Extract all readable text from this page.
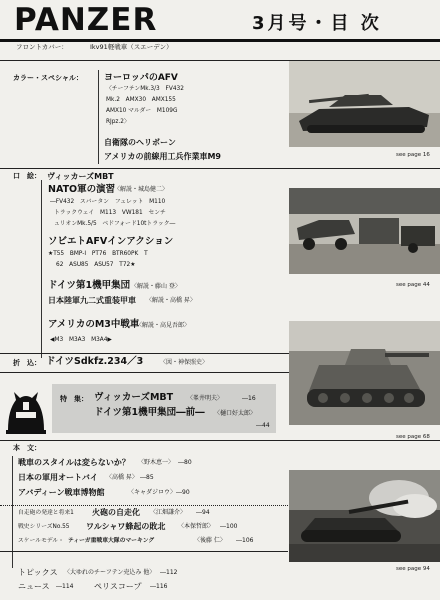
PANZER	3月号・目 次
フロントカバー：	Ikv91軽戦車（スエーデン）
カラー・スペシャル： ヨーロッパのAFV
〈チーフテンMk.3/3　FV432
Mk.2　AMX30　AMX155
AMX10 マルダー　M109G
RJpz.2〉
自衛隊のヘリボーン
アメリカの前線用工兵作業車M9
口　絵： ヴィッカーズMBT
NATO軍の演習
〈解説・城島健二〉
―FV432　スパータン　フェレット　M110
トラックウェイ　M113　VW181　センチ
ュリオンMk.5/5　ベドフォード10tトラック―
ソビエトAFVインアクション
★T55　BMP-I　PT76　BTR60PK　T
62　ASU85　ASU57　T72★
ドイツ第1機甲集団 〈解説・藤山 登〉
日本陸軍九二式重装甲車 〈解説・高橋 昇〉
アメリカのM3中戦車
〈解説・高見吾郎〉
◀M3　M3A3　M3A4▶
折　込： ドイツSdkfz.234／3	〈図・神保照史〉
特　集： ヴィッカーズMBT 〈峯井明夫〉	―16
ドイツ第1機甲集団―前― 〈樋口好太郎〉
―44
本　文：
戦車のスタイルは変らないか？ 〈野木恵一〉 ―80
日本の軍用オートバイ 〈高橋 昇〉 ―85
アバディーン戦車博物館	〈キャダジロウ〉 ―90
自走砲の発達と将来1 火砲の自走化 〈江畑謙介〉 ―94
戦史シリーズNo.55 ワルシャワ蜂起の敗北 〈本保哲郎〉 ―100
スケールモデル・ ティーガ重戦車大隊のマーキング	〈後藤 仁〉 ―106
トピックス 〈大ゆれのチーフテン売込み 他〉 ―112
ニュース ―114	ペリスコープ ―116
see page 16
see page 44
see page 68
see page 94
